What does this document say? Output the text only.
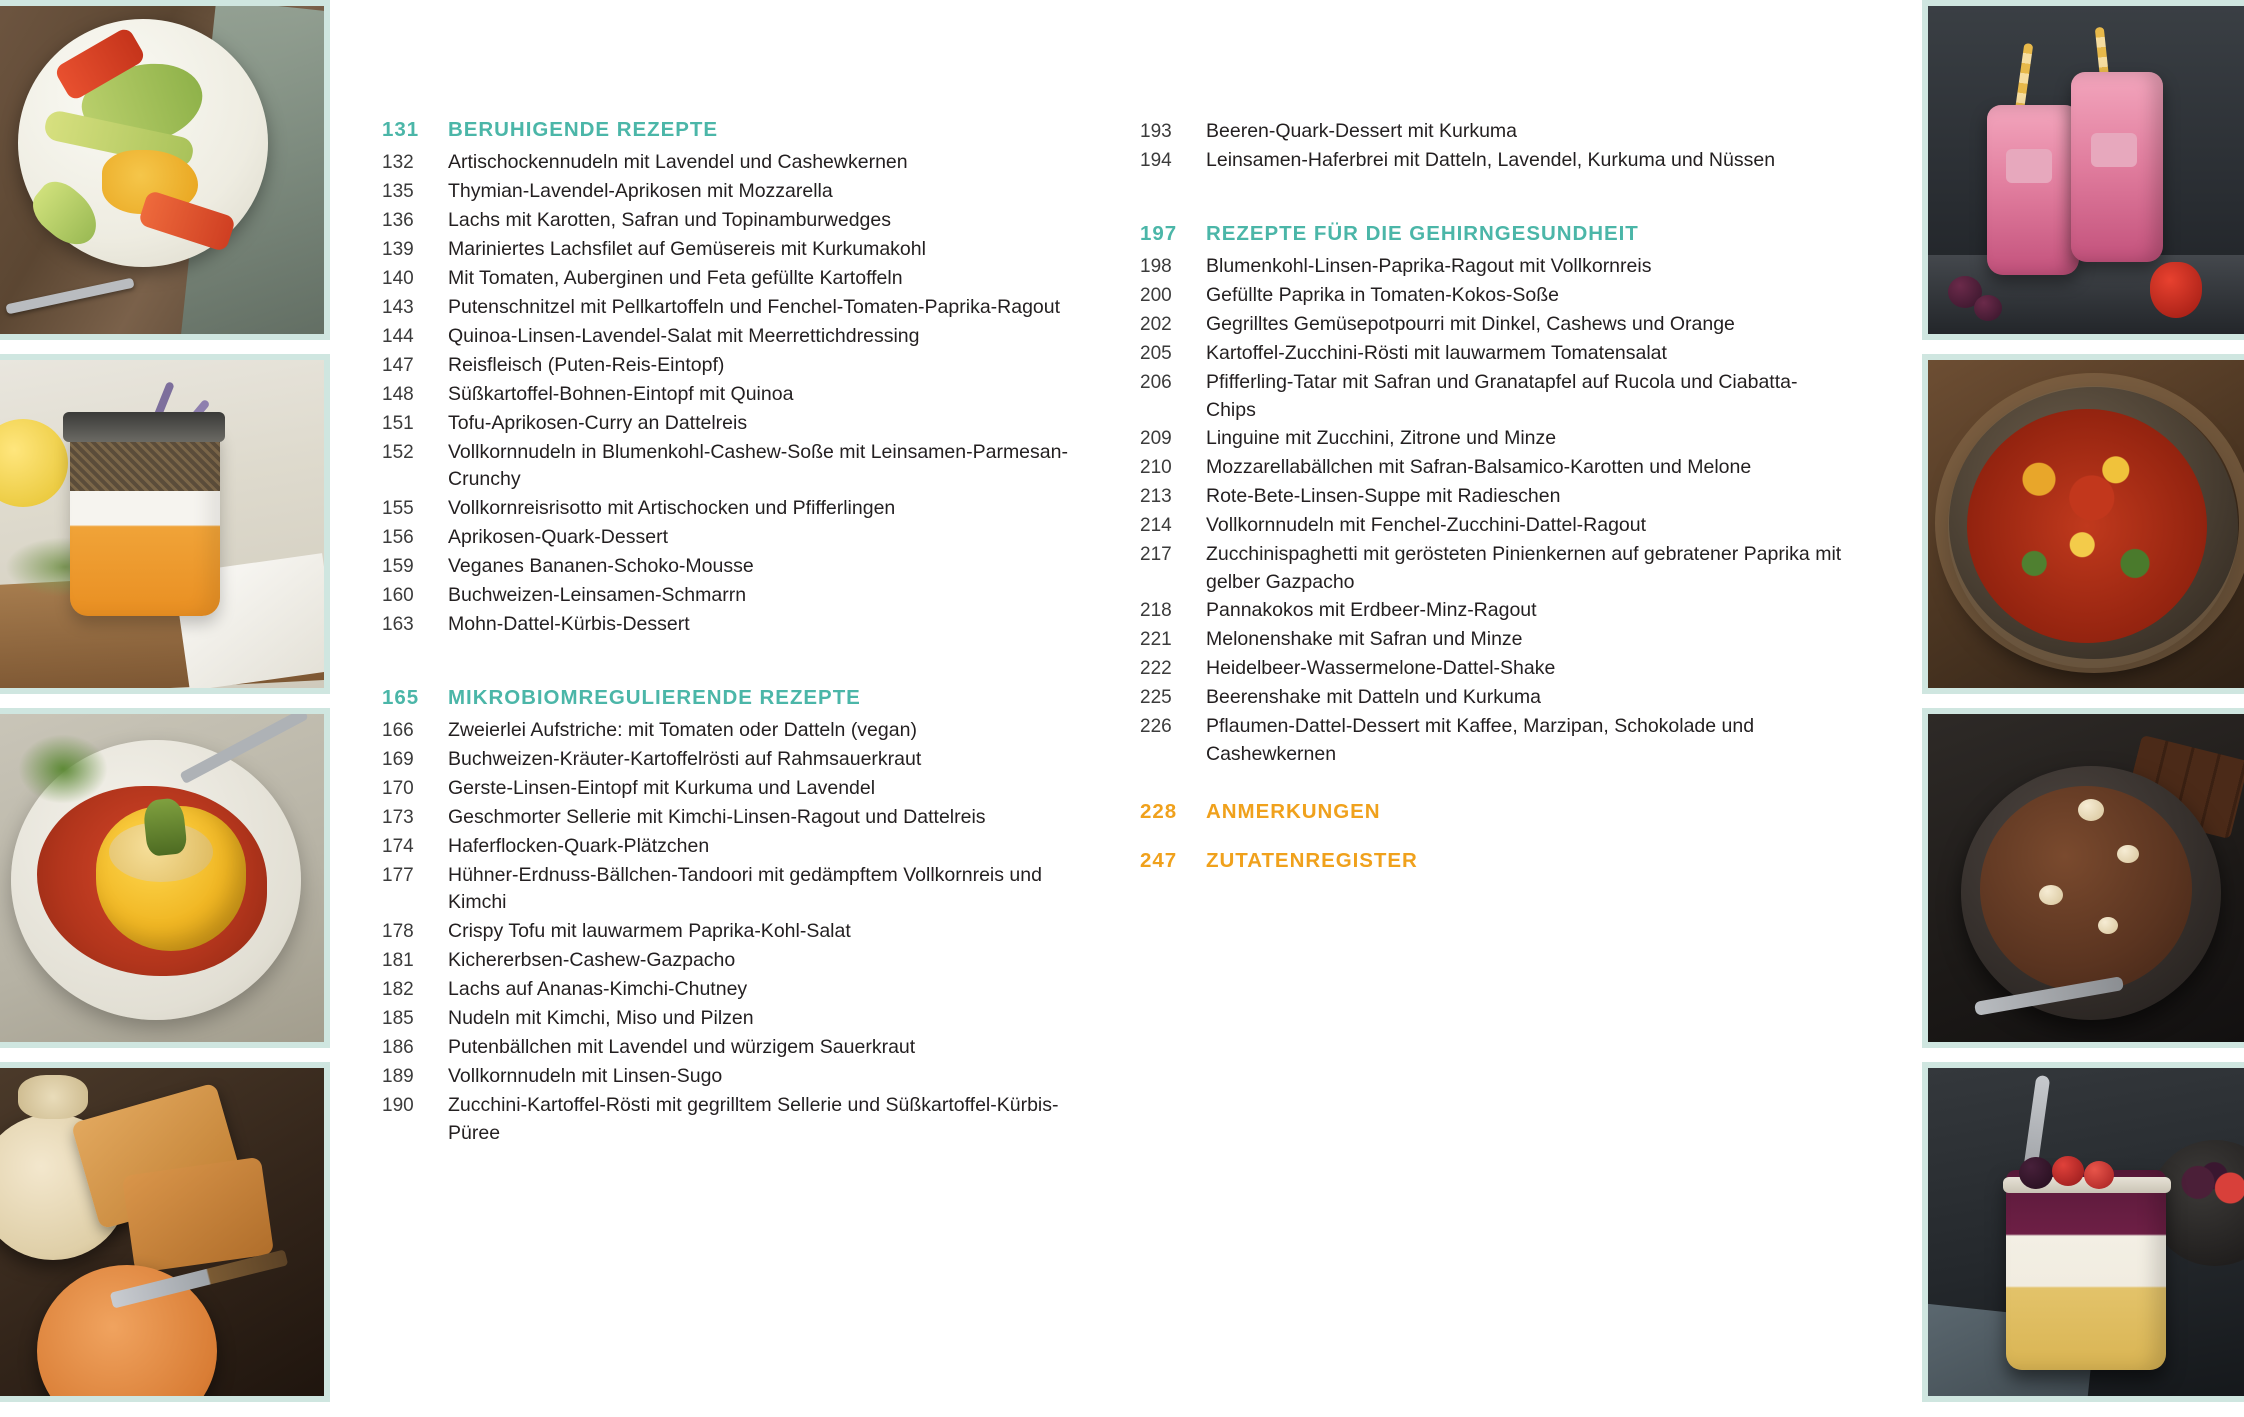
131	BERUHIGENDE REZEPTE
132	Artischockennudeln mit Lavendel und Cashewkernen
135	Thymian-Lavendel-Aprikosen mit Mozzarella
136	Lachs mit Karotten, Safran und Topinamburwedges
139	Mariniertes Lachsfilet auf Gemüsereis mit Kurkumakohl
140	Mit Tomaten, Auberginen und Feta gefüllte Kartoffeln
143	Putenschnitzel mit Pellkartoffeln und Fenchel-Tomaten-Paprika-Ragout
144	Quinoa-Linsen-Lavendel-Salat mit Meerrettichdressing
147	Reisfleisch (Puten-Reis-Eintopf)
148	Süßkartoffel-Bohnen-Eintopf mit Quinoa
151	Tofu-Aprikosen-Curry an Dattelreis
152	Vollkornnudeln in Blumenkohl-Cashew-Soße mit Leinsamen-Parmesan-Crunchy
155	Vollkornreisrisotto mit Artischocken und Pfifferlingen
156	Aprikosen-Quark-Dessert
159	Veganes Bananen-Schoko-Mousse
160	Buchweizen-Leinsamen-Schmarrn
163	Mohn-Dattel-Kürbis-Dessert
165	MIKROBIOMREGULIERENDE REZEPTE
166	Zweierlei Aufstriche: mit Tomaten oder Datteln (vegan)
169	Buchweizen-Kräuter-Kartoffelrösti auf Rahmsauerkraut
170	Gerste-Linsen-Eintopf mit Kurkuma und Lavendel
173	Geschmorter Sellerie mit Kimchi-Linsen-Ragout und Dattelreis
174	Haferflocken-Quark-Plätzchen
177	Hühner-Erdnuss-Bällchen-Tandoori mit gedämpftem Vollkornreis und Kimchi
178	Crispy Tofu mit lauwarmem Paprika-Kohl-Salat
181	Kichererbsen-Cashew-Gazpacho
182	Lachs auf Ananas-Kimchi-Chutney
185	Nudeln mit Kimchi, Miso und Pilzen
186	Putenbällchen mit Lavendel und würzigem Sauerkraut
189	Vollkornnudeln mit Linsen-Sugo
190	Zucchini-Kartoffel-Rösti mit gegrilltem Sellerie und Süßkartoffel-Kürbis-Püree
193	Beeren-Quark-Dessert mit Kurkuma
194	Leinsamen-Haferbrei mit Datteln, Lavendel, Kurkuma und Nüssen
197	REZEPTE FÜR DIE GEHIRNGESUNDHEIT
198	Blumenkohl-Linsen-Paprika-Ragout mit Vollkornreis
200	Gefüllte Paprika in Tomaten-Kokos-Soße
202	Gegrilltes Gemüsepotpourri mit Dinkel, Cashews und Orange
205	Kartoffel-Zucchini-Rösti mit lauwarmem Tomatensalat
206	Pfifferling-Tatar mit Safran und Granatapfel auf Rucola und Ciabatta-Chips
209	Linguine mit Zucchini, Zitrone und Minze
210	Mozzarellabällchen mit Safran-Balsamico-Karotten und Melone
213	Rote-Bete-Linsen-Suppe mit Radieschen
214	Vollkornnudeln mit Fenchel-Zucchini-Dattel-Ragout
217	Zucchinispaghetti mit gerösteten Pinienkernen auf gebratener Paprika mit gelber Gazpacho
218	Pannakokos mit Erdbeer-Minz-Ragout
221	Melonenshake mit Safran und Minze
222	Heidelbeer-Wassermelone-Dattel-Shake
225	Beerenshake mit Datteln und Kurkuma
226	Pflaumen-Dattel-Dessert mit Kaffee, Marzipan, Schokolade und Cashewkernen
228	ANMERKUNGEN
247	ZUTATENREGISTER
